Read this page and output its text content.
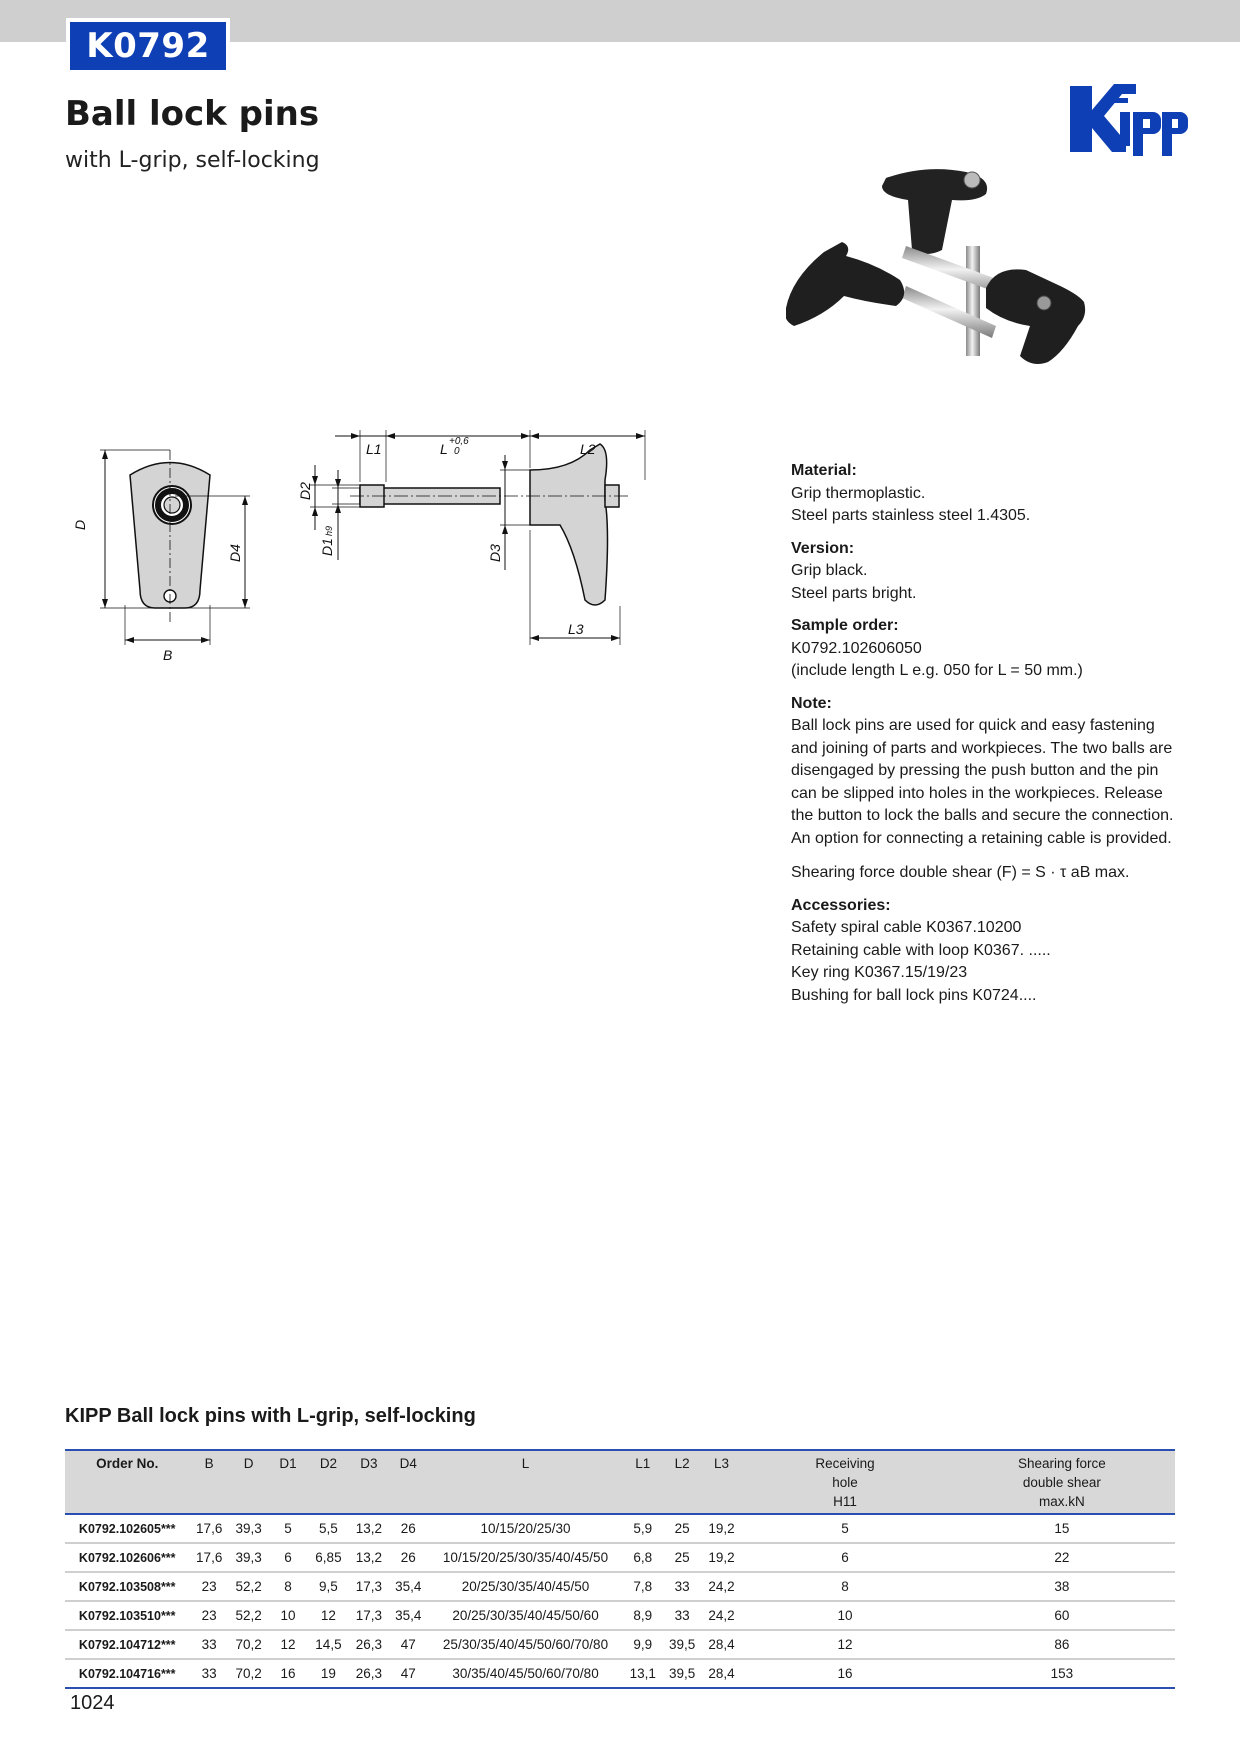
K0792
Ball lock pins
with L-grip, self-locking
D
D4
B
L1	L +0,6
0	L2
D2
D1
h9
D3
L3
Material:
Grip thermoplastic.
Steel parts stainless steel 1.4305.
Version:
Grip black.
Steel parts bright.
Sample order:
K0792.102606050
(include length L e.g. 050 for L = 50 mm.)
Note:
Ball lock pins are used for quick and easy fastening
and joining of parts and workpieces. The two balls are
disengaged by pressing the push button and the pin
can be slipped into holes in the workpieces. Release
the button to lock the balls and secure the connection.
An option for connecting a retaining cable is provided.
Shearing force double shear (F) = S · τ aB max.
Accessories:
Safety spiral cable K0367.10200
Retaining cable with loop K0367. .....
Key ring K0367.15/19/23
Bushing for ball lock pins K0724....
KIPP Ball lock pins with L-grip, self-locking
Order No.	B	D	D1	D2	D3	D4	L	L1	L2	L3	Receiving
hole
H11	Shearing force
double shear
max.kN

K0792.102605***	17,6	39,3	5	5,5	13,2	26	10/15/20/25/30	5,9	25	19,2	5	15
K0792.102606***	17,6	39,3	6	6,85	13,2	26	10/15/20/25/30/35/40/45/50	6,8	25	19,2	6	22
K0792.103508***	23	52,2	8	9,5	17,3	35,4	20/25/30/35/40/45/50	7,8	33	24,2	8	38
K0792.103510***	23	52,2	10	12	17,3	35,4	20/25/30/35/40/45/50/60	8,9	33	24,2	10	60
K0792.104712***	33	70,2	12	14,5	26,3	47	25/30/35/40/45/50/60/70/80	9,9	39,5	28,4	12	86
K0792.104716***	33	70,2	16	19	26,3	47	30/35/40/45/50/60/70/80	13,1	39,5	28,4	16	153
1024
